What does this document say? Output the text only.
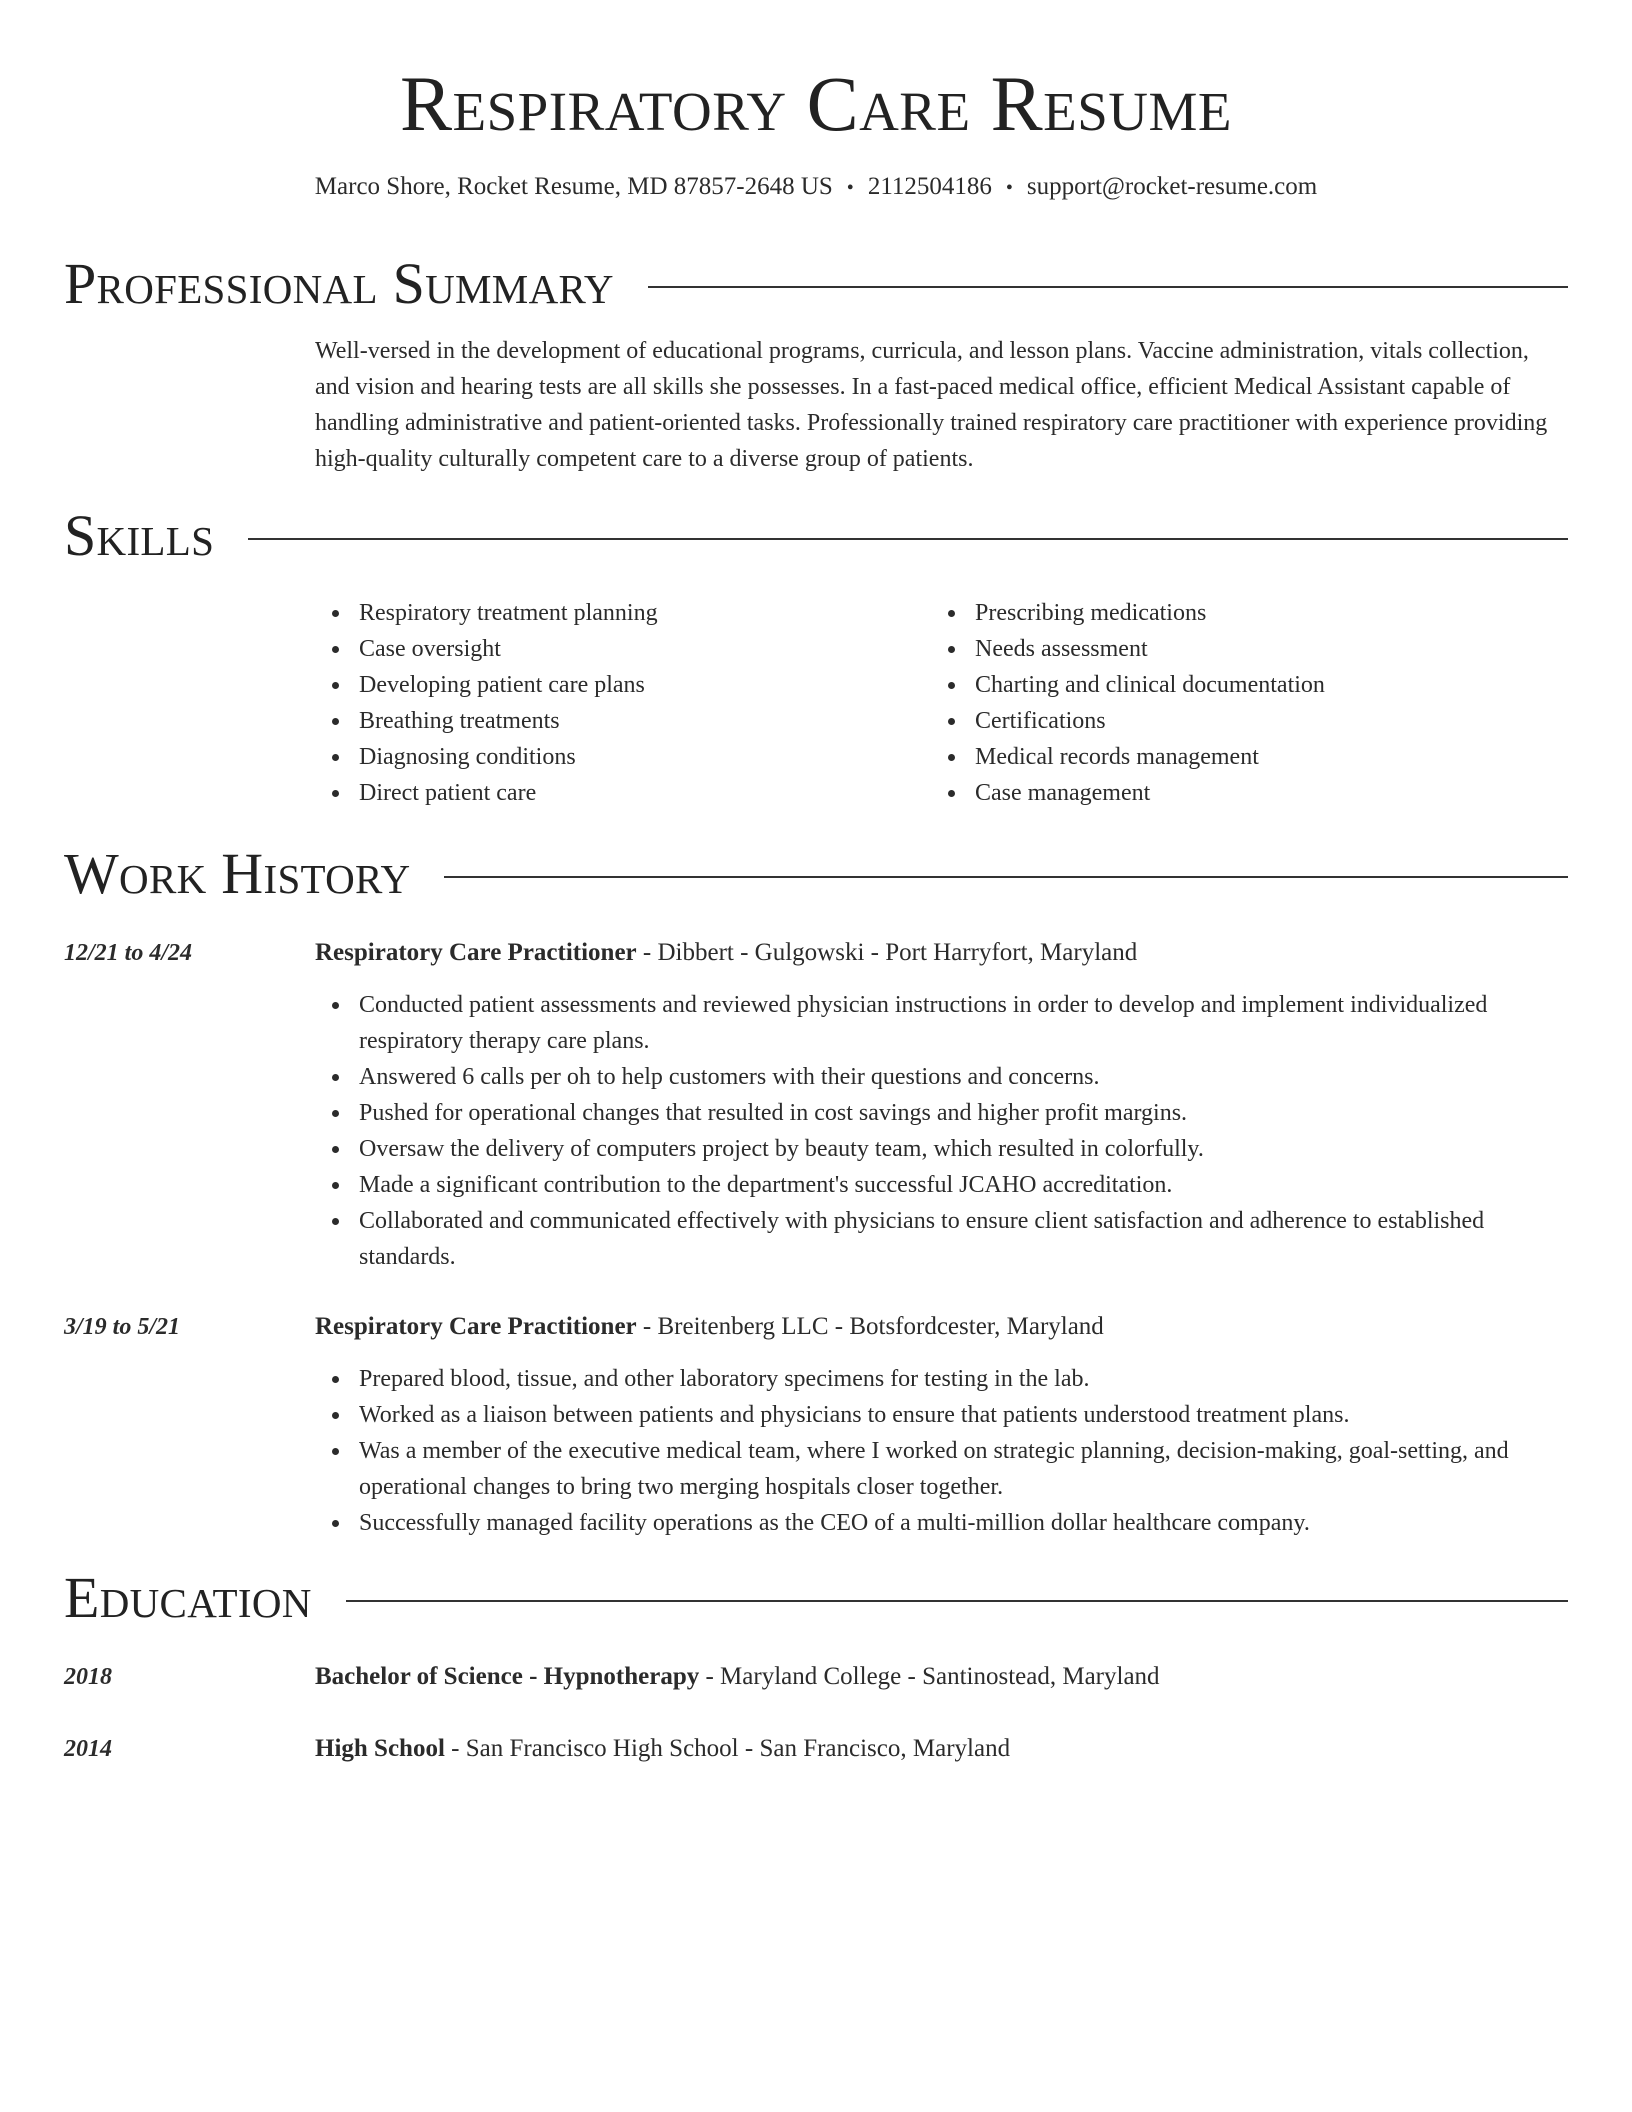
Respiratory Care Resume
Marco Shore, Rocket Resume, MD 87857-2648 US • 2112504186 • support@rocket-resume.com
Professional Summary

Well-versed in the development of educational programs, curricula, and lesson plans. Vaccine administration, vitals collection, and vision and hearing tests are all skills she possesses. In a fast-paced medical office, efficient Medical Assistant capable of handling administrative and patient-oriented tasks. Professionally trained respiratory care practitioner with experience providing high-quality culturally competent care to a diverse group of patients.

Skills
Respiratory treatment planning
Case oversight
Developing patient care plans
Breathing treatments
Diagnosing conditions
Direct patient care
Prescribing medications
Needs assessment
Charting and clinical documentation
Certifications
Medical records management
Case management
Work History
12/21 to 4/24	Respiratory Care Practitioner - Dibbert - Gulgowski - Port Harryfort, Maryland
Conducted patient assessments and reviewed physician instructions in order to develop and implement individualized respiratory therapy care plans.
Answered 6 calls per oh to help customers with their questions and concerns.
Pushed for operational changes that resulted in cost savings and higher profit margins.
Oversaw the delivery of computers project by beauty team, which resulted in colorfully.
Made a significant contribution to the department's successful JCAHO accreditation.
Collaborated and communicated effectively with physicians to ensure client satisfaction and adherence to established standards.
3/19 to 5/21	Respiratory Care Practitioner - Breitenberg LLC - Botsfordcester, Maryland
Prepared blood, tissue, and other laboratory specimens for testing in the lab.
Worked as a liaison between patients and physicians to ensure that patients understood treatment plans.
Was a member of the executive medical team, where I worked on strategic planning, decision-making, goal-setting, and operational changes to bring two merging hospitals closer together.
Successfully managed facility operations as the CEO of a multi-million dollar healthcare company.
Education
2018	Bachelor of Science - Hypnotherapy - Maryland College - Santinostead, Maryland
2014	High School - San Francisco High School - San Francisco, Maryland
